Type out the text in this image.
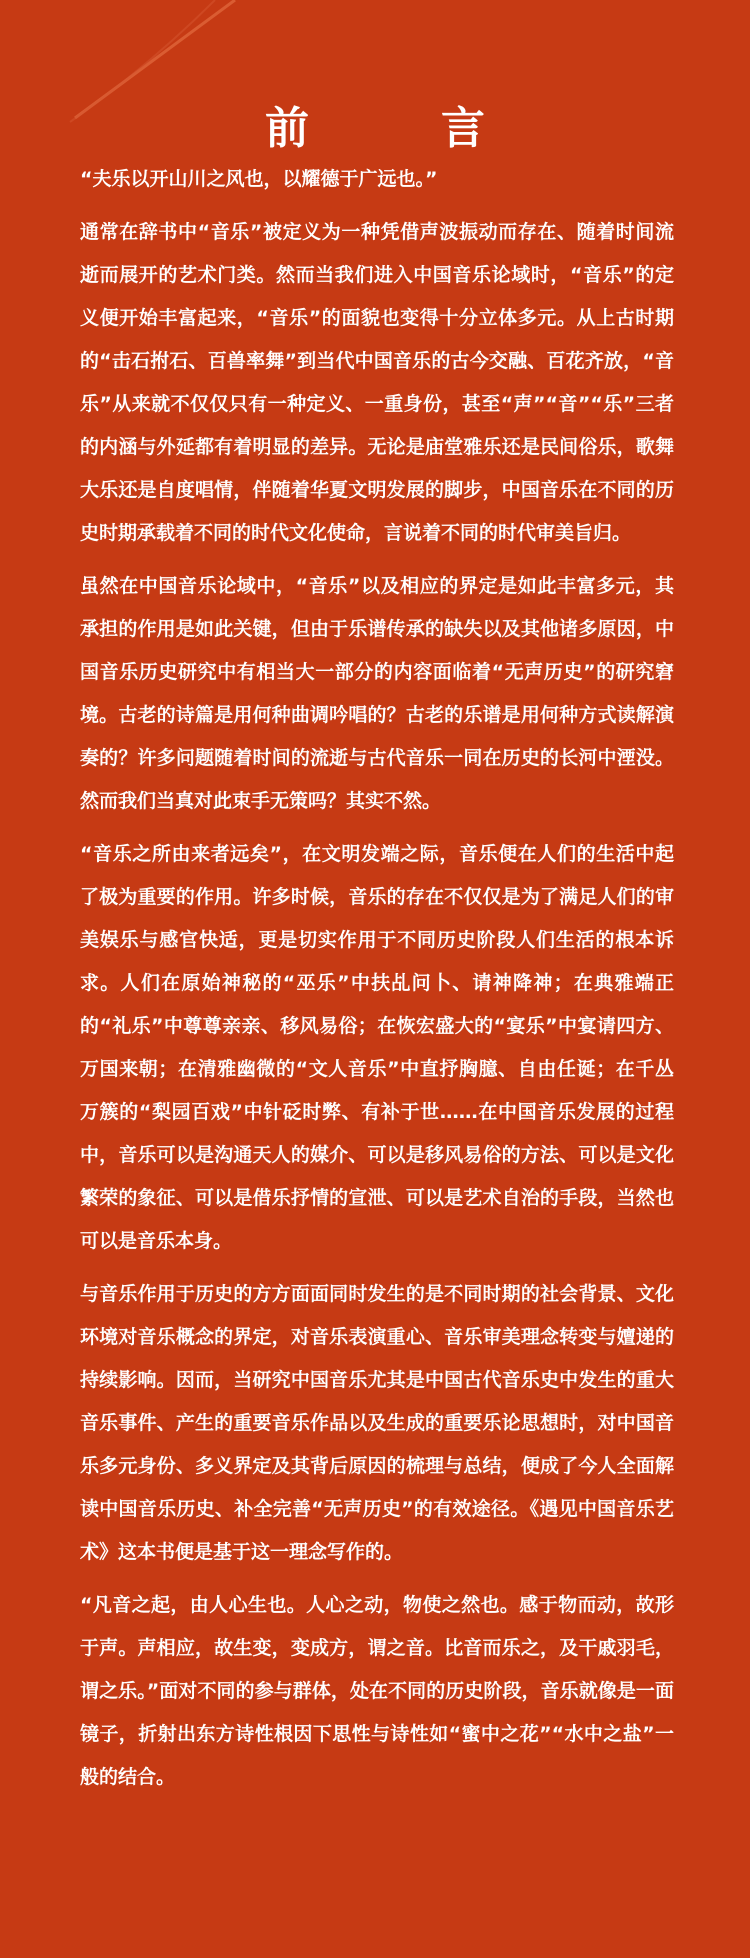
前　言

“夫乐以开山川之风也，以耀德于广远也。”

通常在辞书中“音乐”被定义为一种凭借声波振动而存在、随着时间流逝而展开的艺术门类。然而当我们进入中国音乐论域时，“音乐”的定义便开始丰富起来，“音乐”的面貌也变得十分立体多元。从上古时期的“击石拊石、百兽率舞”到当代中国音乐的古今交融、百花齐放，“音乐”从来就不仅仅只有一种定义、一重身份，甚至“声”“音”“乐”三者的内涵与外延都有着明显的差异。无论是庙堂雅乐还是民间俗乐，歌舞大乐还是自度唱情，伴随着华夏文明发展的脚步，中国音乐在不同的历史时期承载着不同的时代文化使命，言说着不同的时代审美旨归。

虽然在中国音乐论域中，“音乐”以及相应的界定是如此丰富多元，其承担的作用是如此关键，但由于乐谱传承的缺失以及其他诸多原因，中国音乐历史研究中有相当大一部分的内容面临着“无声历史”的研究窘境。古老的诗篇是用何种曲调吟唱的？古老的乐谱是用何种方式读解演奏的？许多问题随着时间的流逝与古代音乐一同在历史的长河中湮没。然而我们当真对此束手无策吗？其实不然。

“音乐之所由来者远矣”，在文明发端之际，音乐便在人们的生活中起了极为重要的作用。许多时候，音乐的存在不仅仅是为了满足人们的审美娱乐与感官快适，更是切实作用于不同历史阶段人们生活的根本诉求。人们在原始神秘的“巫乐”中扶乩问卜、请神降神；在典雅端正的“礼乐”中尊尊亲亲、移风易俗；在恢宏盛大的“宴乐”中宴请四方、万国来朝；在清雅幽微的“文人音乐”中直抒胸臆、自由任诞；在千丛万簇的“梨园百戏”中针砭时弊、有补于世……在中国音乐发展的过程中，音乐可以是沟通天人的媒介、可以是移风易俗的方法、可以是文化繁荣的象征、可以是借乐抒情的宣泄、可以是艺术自治的手段，当然也可以是音乐本身。

与音乐作用于历史的方方面面同时发生的是不同时期的社会背景、文化环境对音乐概念的界定，对音乐表演重心、音乐审美理念转变与嬗递的持续影响。因而，当研究中国音乐尤其是中国古代音乐史中发生的重大音乐事件、产生的重要音乐作品以及生成的重要乐论思想时，对中国音乐多元身份、多义界定及其背后原因的梳理与总结，便成了今人全面解读中国音乐历史、补全完善“无声历史”的有效途径。《遇见中国音乐艺术》这本书便是基于这一理念写作的。

“凡音之起，由人心生也。人心之动，物使之然也。感于物而动，故形于声。声相应，故生变，变成方，谓之音。比音而乐之，及干戚羽毛，谓之乐。”面对不同的参与群体，处在不同的历史阶段，音乐就像是一面镜子，折射出东方诗性根因下思性与诗性如“蜜中之花”“水中之盐”一般的结合。
